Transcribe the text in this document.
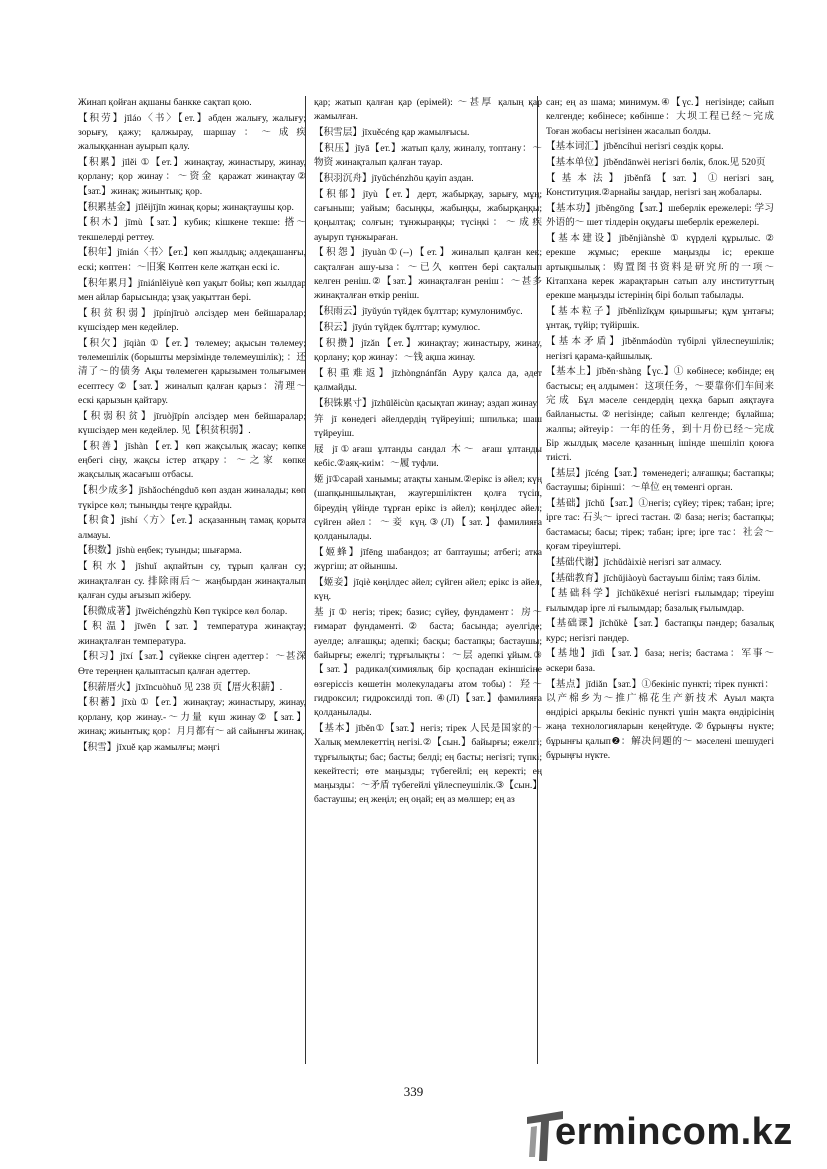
Жинап қойған ақшаны банкке сақтап қою.
【积劳】jīláo〈书〉【ет.】әбден жалығу, жалығу; зорығу, қажу; қалжырау, шаршау：～成疾 жалыққаннан ауырып қалу.
【积累】jīlěi ①【ет.】жинақтау, жинастыру, жинау, қорлану; қор жинау：～资金 қаражат жинақтау②【зат.】жинақ; жиынтық; қор.
【积累基金】jīlěijījīn жинақ қоры; жинақтаушы қор.
【积木】jīmù【зат.】кубик; кішкене текше: 搭～ текшелерді реттеу.
【积年】jīnián〈书〉【ет.】көп жылдық; әлдеқашанғы, ескі; көптен：～旧案 Көптен келе жатқан ескі іс.
【积年累月】jīniánlěiyuè көп уақыт бойы; көп жылдар мен айлар барысында; ұзақ уақыттан бері.
【积贫积弱】jīpínjīruò әлсіздер мен бейшаралар; күшсіздер мен кедейлер.
【积欠】jīqiàn ①【ет.】төлемеу; ақысын төлемеу; төлемешілік (борышты мерзімінде төлемеушілік); ：还清了～的债务 Ақы төлемеген қарызымен толығымен есептесу ②【зат.】жиналып қалған қарыз：清理～ ескі қарызын қайтару.
【积弱积贫】jīruòjīpín әлсіздер мен бейшаралар; күшсіздер мен кедейлер. 见【积贫积弱】.
【积善】jīshàn【ет.】көп жақсылық жасау; көпке еңбегі сіңу, жақсы істер атқару：～之家 көпке жақсылық жасағыш отбасы.
【积少成多】jīshǎochéngduō көп аздан жиналады; көп түкірсе көл; тыныңды теңге құрайды.
【积食】jīshí〈方〉【ет.】асқазанның тамақ қорыта алмауы.
【积数】jīshù еңбек; туынды; шығарма.
【积水】jīshuǐ ақпайтын су, тұрып қалған су; жинақталған су. 排除雨后～ жаңбырдан жинақталып қалған суды ағызып жіберу.
【积微成著】jīwēichéngzhù Көп түкірсе көл болар.
【积温】jīwēn【зат.】температура жинақтау; жинақталған температура.
【积习】jīxí【зат.】сүйекке сіңген әдеттер：～甚深 Өте тереңнен қалыптасып қалған әдеттер.
【积薪厝火】jīxīncuòhuǒ 见 238 页【厝火积薪】.
【积蓄】jīxù ①【ет.】жинақтау; жинастыру, жинау, қорлану, қор жинау.-～力量 күш жинау②【зат.】жинақ; жиынтық; қор：月月都有～ ай сайынғы жинақ.
【积雪】jīxuě қар жамылғы; мәңгі
қар; жатып қалған қар (ерімей): ～甚厚 қалың қар жамылған.
【积雪层】jīxuěcéng қар жамылғысы.
【积压】jīyā【ет.】жатып қалу, жиналу, топтану：～物资 жинақталып қалған тауар.
【积羽沉舟】jīyǔchénzhōu қауіп аздан.
【积郁】jīyù【ет.】дерт, жабырқау, зарығу, мұң; сағыныш; уайым; басыңқы, жабыңқы, жабырқаңқы; қоңылтақ; солғын; тұнжыраңқы; түсіңкі：～成疾 ауыруп тұнжыраған.
【积怨】jīyuàn①(--)【ет.】жиналып қалған кек; сақталған ашу-ыза：～已久 көптен бері сақталып келген реніш.②【зат.】жинақталған реніш：～甚多 жинақталған өткір реніш.
【积雨云】jīyǔyún түйдек бұлттар; кумулонимбус.
【积云】jīyún түйдек бұлттар; кумулюс.
【积攒】jīzǎn【ет.】жинақтау; жинастыру, жинау, қорлану; қор жинау：～钱 ақша жинау.
【积重难返】jīzhòngnánfǎn Ауру қалса да, әдет қалмайды.
【积铢累寸】jīzhūlěicùn қасықтап жинау; аздап жинау.
笄 jī көнедегі әйелдердің түйреуіші; шпилька; шаш түйреуіш.
屐 jī①ағаш ұлтанды сандал 木～ ағаш ұлтанды кебіс.②аяқ-киім：～履 туфли.
姬 jī①сарай ханымы; атақты ханым.②ерікс із әйел; күң (шапқыншылықтан, жаугершіліктен қолға түсіп, біреудің үйінде тұрған ерікс із әйел); көңілдес әйел; сүйген әйел：～妾 күң.③(Л)【зат.】фамилияға қолданылады.
【姬蜂】jīfēng шабандоз; ат баптаушы; атбегі; атқа жүргіш; ат ойыншы.
【姬妾】jīqiè көңілдес әйел; сүйген әйел; ерікс із әйел, күң.
基 jī ① негіз; тірек; базис; сүйеу, фундамент：房～ ғимарат фундаменті.② баста; басында; әуелгіде; әуелде; алғашқы; әдепкі; басқы; бастапқы; бастаушы; байырғы; ежелгі; тұрғылықты：～层 әдепкі ұйым.③【зат.】радикал(химиялық бір қоспадан екіншісіне өзгеріссіз көшетін молекуладағы атом тобы)：羟～ гидроксил; гидроксилді топ. ④(Л)【зат.】фамилияға қолданылады.
【基本】jīběn①【зат.】негіз; тірек 人民是国家的～ Халық мемлекеттің негізі.②【сын.】байырғы; ежелгі; тұрғылықты; бас; басты; белді; ең басты; негізгі; түпкі; кекейтесті; өте маңызды; түбегейлі; ең керекті; ең маңызды：～矛盾 түбегейлі үйлеспеушілік.③【сын.】бастаушы; ең жеңіл; ең оңай; ең аз мөлшер; ең аз
сан; ең аз шама; минимум.④【үс.】негізінде; сайып келгенде; көбінесе; көбінше：大坝工程已经～完成 Тоған жобасы негізінен жасалып болды.
【基本词汇】jīběncíhuì негізгі сөздік қоры.
【基本单位】jīběndānwèi негізгі бөлік, блок.见 520页
【基本法】jīběnfǎ【зат.】①негізгі заң, Конституция.②арнайы заңдар, негізгі заң жобалары.
【基本功】jīběngōng【зат.】шеберлік ережелері: 学习外语的～ шет тілдерін оқудағы шеберлік ережелері.
【基本建设】jīběnjiànshè ① күрделі құрылыс. ② ерекше жұмыс; ерекше маңызды іс; ерекше артықшылық：购置图书资料是研究所的一项～ Кітапхана керек жарақтарын сатып алу институттың ерекше маңызды істерінің бірі болып табылады.
【基本粒子】jīběnlìzǐқұм қиыршығы; құм ұнтағы; ұнтақ, түйір; түйіршік.
【基本矛盾】jīběnmáodùn түбірлі үйлеспеушілік; негізгі қарама-қайшылық.
【基本上】jīběn·shàng【үс.】① көбінесе; көбінде; ең бастысы; ең алдымен：这项任务，～要靠你们车间来完成 Бұл мәселе сендердің цехқа барып аяқтауға байланысты.②негізінде; сайып келгенде; бұлайша; жалпы; әйтеуір：一年的任务，到十月份已经～完成 Бір жылдық мәселе қазанның ішінде шешіліп қоюға тиісті.
【基层】jīcéng【зат.】төменедегі; алғашқы; бастапқы; бастаушы; бірінші：～单位 ең төменгі орган.
【基础】jīchǔ【зат.】①негіз; сүйеу; тірек; табан; ірге; ірге тас: 石头～ іргесі тастан. ② база; негіз; бастапқы; бастамасы; басы; тірек; табан; ірге; ірге тас：社会～ қоғам тіреуіштері.
【基础代谢】jīchǔdàixiè негізгі зат алмасу.
【基础教育】jīchǔjiàoyù бастауыш білім; таяз білім.
【基础科学】jīchǔkēxué негізгі ғылымдар; тіреуіш ғылымдар ірге лі ғылымдар; базалық ғылымдар.
【基础课】jīchǔkè【зат.】бастапқы пәндер; базалық курс; негізгі пәндер.
【基地】jīdì【зат.】база; негіз; бастама：军事～ әскери база.
【基点】jīdiǎn【зат.】①бекініс пункті; тірек пункті：以产棉乡为～推广棉花生产新技术 Ауыл мақта өндірісі арқылы бекініс пункті үшін мақта өндірісінің жаңа технологияларын кеңейтуде.②бұрыңғы нүкте; бұрынғы қалып❷：解决问题的～ мәселені шешудегі бұрыңғы нүкте.
339
ermincom.kz
